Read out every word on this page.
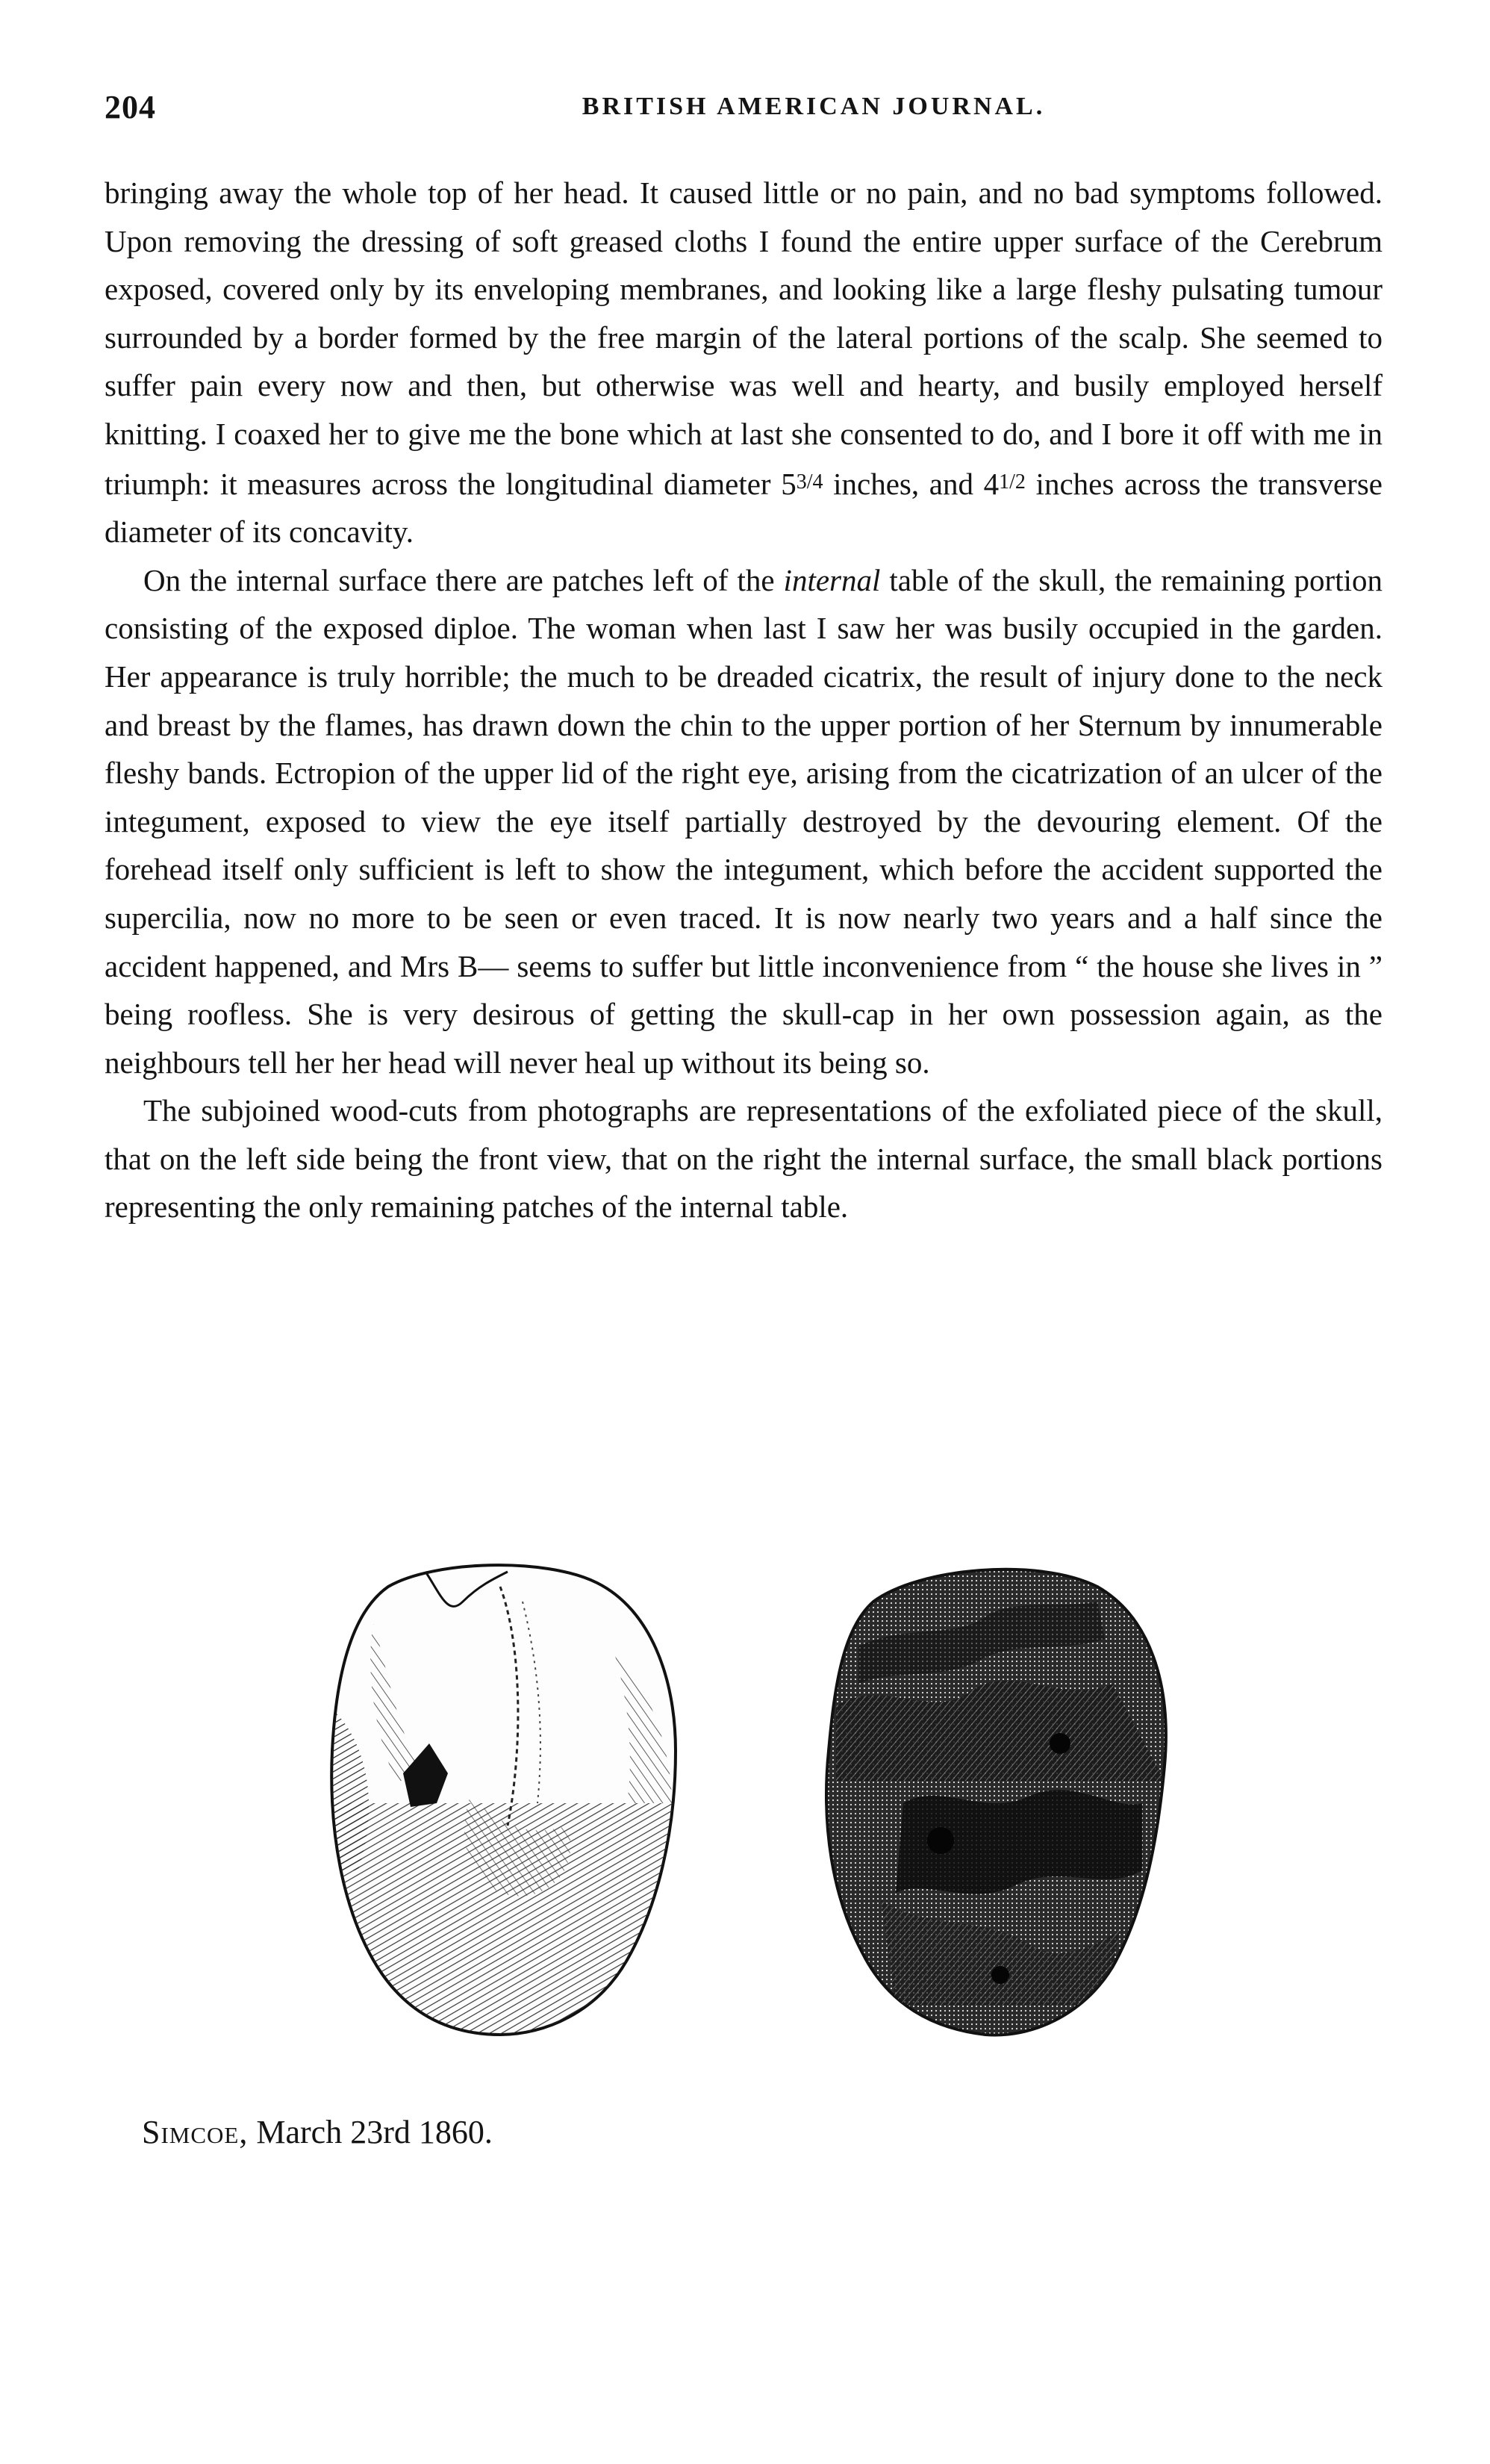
204	BRITISH AMERICAN JOURNAL.

bringing away the whole top of her head. It caused little or no pain, and no bad symptoms followed. Upon removing the dressing of soft greased cloths I found the entire upper surface of the Cerebrum exposed, covered only by its enveloping membranes, and looking like a large fleshy pulsating tumour surrounded by a border formed by the free margin of the lateral portions of the scalp. She seemed to suffer pain every now and then, but otherwise was well and hearty, and busily employed herself knitting. I coaxed her to give me the bone which at last she consented to do, and I bore it off with me in triumph: it measures across the longitudinal diameter 53/4 inches, and 41/2 inches across the transverse diameter of its concavity.

On the internal surface there are patches left of the internal table of the skull, the remaining portion consisting of the exposed diploe. The woman when last I saw her was busily occupied in the garden. Her appearance is truly horrible; the much to be dreaded cicatrix, the result of injury done to the neck and breast by the flames, has drawn down the chin to the upper portion of her Sternum by innumerable fleshy bands. Ectropion of the upper lid of the right eye, arising from the cicatrization of an ulcer of the integument, exposed to view the eye itself partially destroyed by the devouring element. Of the forehead itself only sufficient is left to show the integument, which before the accident supported the supercilia, now no more to be seen or even traced. It is now nearly two years and a half since the accident happened, and Mrs B— seems to suffer but little inconvenience from “ the house she lives in ” being roofless. She is very desirous of getting the skull-cap in her own possession again, as the neighbours tell her her head will never heal up without its being so.

The subjoined wood-cuts from photographs are representations of the exfoliated piece of the skull, that on the left side being the front view, that on the right the internal surface, the small black portions representing the only remaining patches of the internal table.

Simcoe, March 23rd 1860.
